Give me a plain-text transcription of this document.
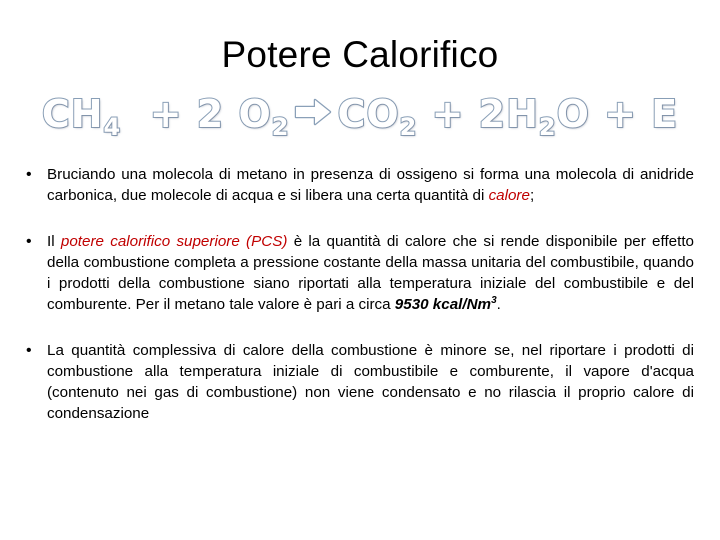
Potere Calorifico
$CH_4 + 2$ $O_2$ $CO_2 + 2H_2O + E$
• Bruciando una molecola di metano in presenza di ossigeno si forma una molecola di anidride carbonica, due molecole di acqua e si libera una certa quantità di calore;
• Il potere calorifico superiore (PCS) è la quantità di calore che si rende disponibile per effetto della combustione completa a pressione costante della massa unitaria del combustibile, quando i prodotti della combustione siano riportati alla temperatura iniziale del combustibile e del comburente. Per il metano tale valore è pari a circa 9530 kcal/Nm$^3$.
• La quantità complessiva di calore della combustione è minore se, nel riportare i prodotti di combustione alla temperatura iniziale di combustibile e comburente, il vapore d'acqua (contenuto nei gas di combustione) non viene condensato e no rilascia il proprio calore di condensazione
